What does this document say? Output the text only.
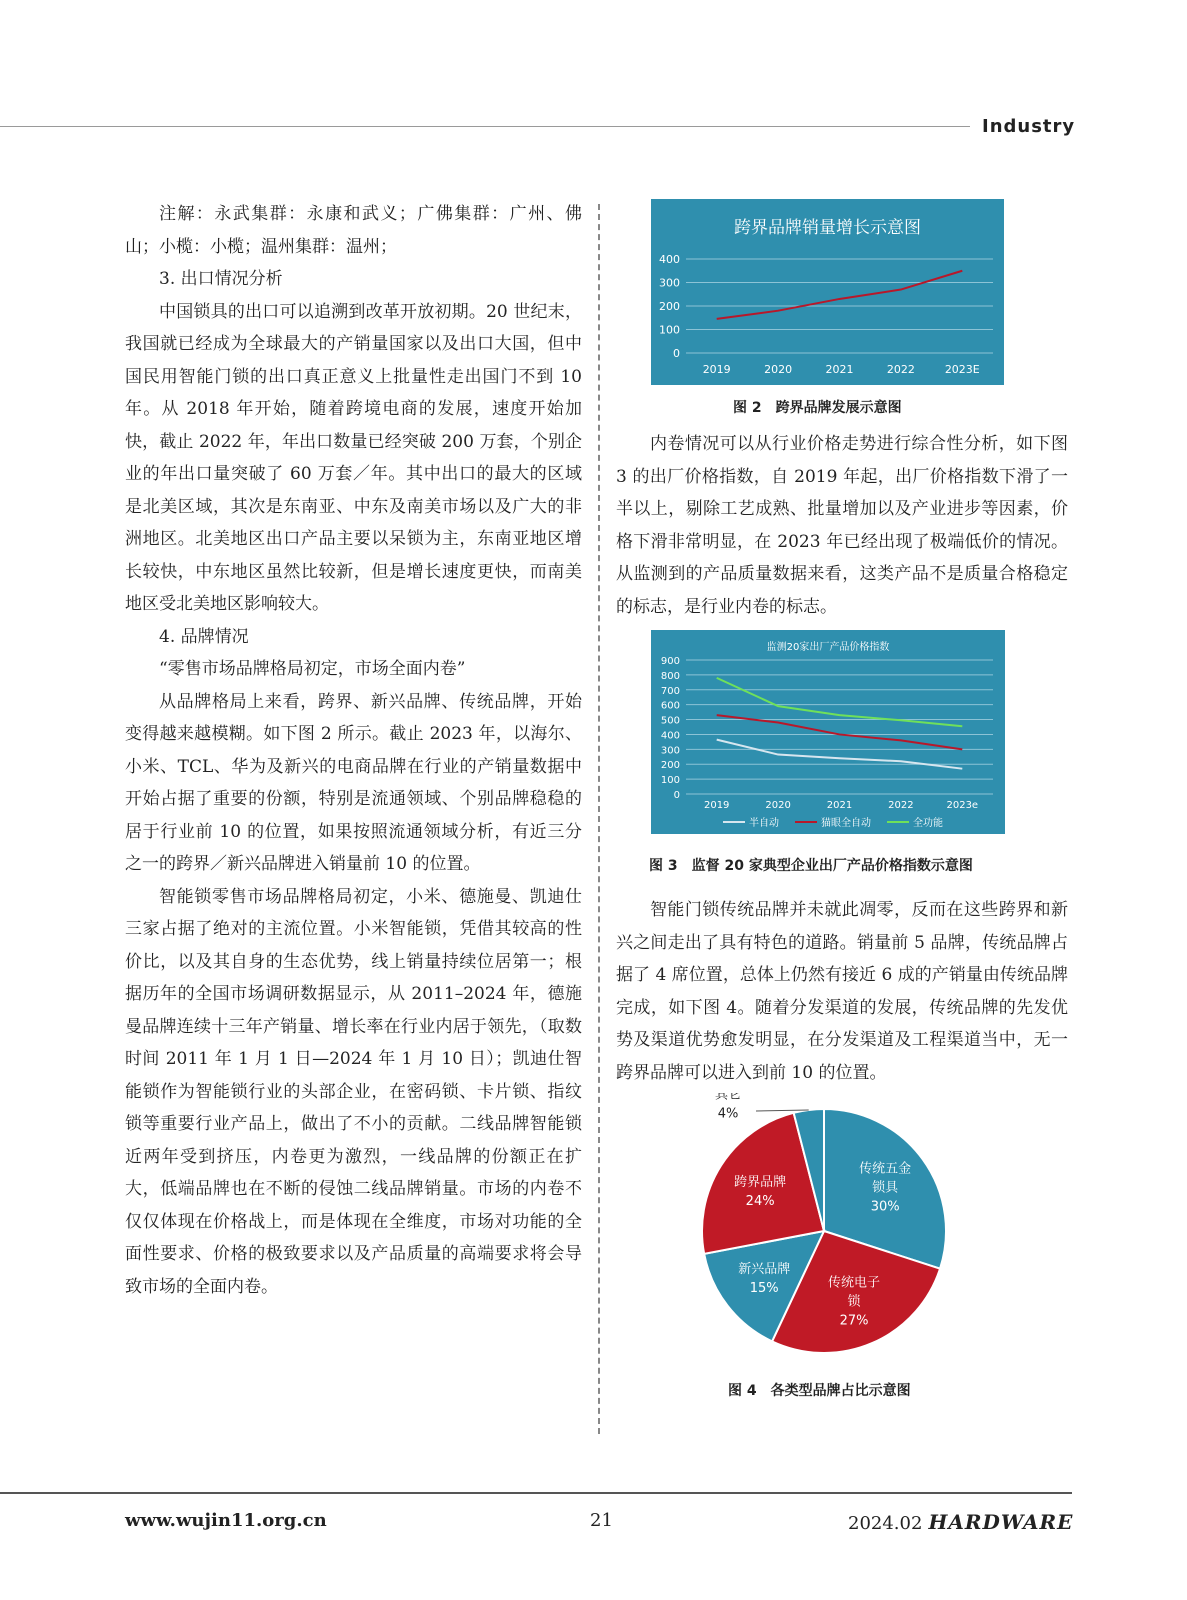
Industry

注解：永武集群：永康和武义；广佛集群：广州、佛山；小榄：小榄；温州集群：温州；

3. 出口情况分析

中国锁具的出口可以追溯到改革开放初期。20 世纪末，我国就已经成为全球最大的产销量国家以及出口大国，但中国民用智能门锁的出口真正意义上批量性走出国门不到 10 年。从 2018 年开始，随着跨境电商的发展，速度开始加快，截止 2022 年，年出口数量已经突破 200 万套，个别企业的年出口量突破了 60 万套／年。其中出口的最大的区域是北美区域，其次是东南亚、中东及南美市场以及广大的非洲地区。北美地区出口产品主要以呆锁为主，东南亚地区增长较快，中东地区虽然比较新，但是增长速度更快，而南美地区受北美地区影响较大。

4. 品牌情况

“零售市场品牌格局初定，市场全面内卷”

从品牌格局上来看，跨界、新兴品牌、传统品牌，开始变得越来越模糊。如下图 2 所示。截止 2023 年，以海尔、小米、TCL、华为及新兴的电商品牌在行业的产销量数据中开始占据了重要的份额，特别是流通领域、个别品牌稳稳的居于行业前 10 的位置，如果按照流通领域分析，有近三分之一的跨界／新兴品牌进入销量前 10 的位置。

智能锁零售市场品牌格局初定，小米、德施曼、凯迪仕三家占据了绝对的主流位置。小米智能锁，凭借其较高的性价比，以及其自身的生态优势，线上销量持续位居第一；根据历年的全国市场调研数据显示，从 2011–2024 年，德施曼品牌连续十三年产销量、增长率在行业内居于领先，（取数时间 2011 年 1 月 1 日—2024 年 1 月 10 日）；凯迪仕智能锁作为智能锁行业的头部企业，在密码锁、卡片锁、指纹锁等重要行业产品上，做出了不小的贡献。二线品牌智能锁近两年受到挤压，内卷更为激烈，一线品牌的份额正在扩大，低端品牌也在不断的侵蚀二线品牌销量。市场的内卷不仅仅体现在价格战上，而是体现在全维度，市场对功能的全面性要求、价格的极致要求以及产品质量的高端要求将会导致市场的全面内卷。

跨界品牌销量增长示意图
0
100
200
300
400
2019	2020	2021	2022	2023E
图 2　跨界品牌发展示意图

内卷情况可以从行业价格走势进行综合性分析，如下图 3 的出厂价格指数，自 2019 年起，出厂价格指数下滑了一半以上，剔除工艺成熟、批量增加以及产业进步等因素，价格下滑非常明显，在 2023 年已经出现了极端低价的情况。从监测到的产品质量数据来看，这类产品不是质量合格稳定的标志，是行业内卷的标志。

监测20家出厂产品价格指数
0
100
200
300
400
500
600
700
800
900
2019	2020	2021	2022	2023e
半自动	猫眼全自动	全功能
图 3　监督 20 家典型企业出厂产品价格指数示意图

智能门锁传统品牌并未就此凋零，反而在这些跨界和新兴之间走出了具有特色的道路。销量前 5 品牌，传统品牌占据了 4 席位置，总体上仍然有接近 6 成的产销量由传统品牌完成，如下图 4。随着分发渠道的发展，传统品牌的先发优势及渠道优势愈发明显，在分发渠道及工程渠道当中，无一跨界品牌可以进入到前 10 的位置。

传统五金
锁具
30%
传统电子
锁
27%
新兴品牌
15%
跨界品牌
24%
其它
4%
图 4　各类型品牌占比示意图
www.wujin11.org.cn	21	2024.02 HARDWARE
